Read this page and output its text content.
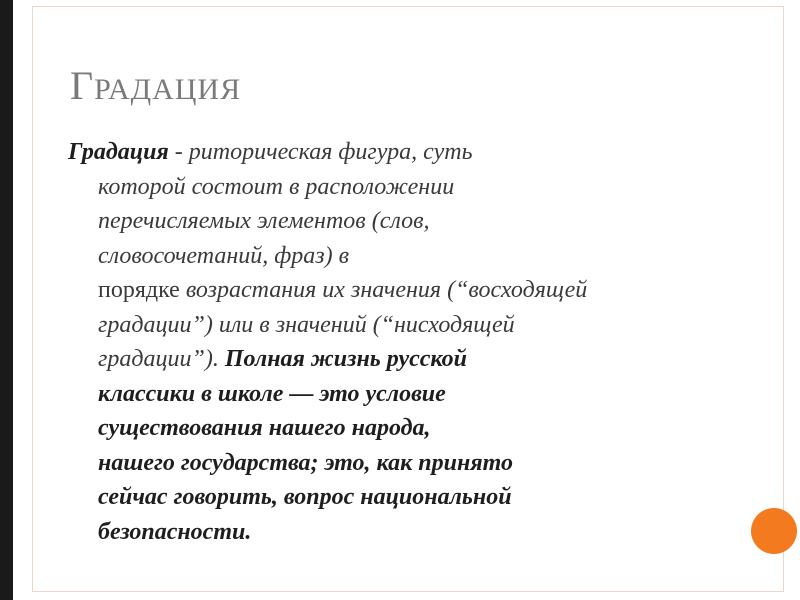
ГРАДАЦИЯ
Градация - риторическая фигура, суть
которой состоит в расположении
перечисляемых элементов (слов,
словосочетаний, фраз) в
порядке возрастания их значения (“восходящей
градации”) или в значений (“нисходящей
градации”). Полная жизнь русской
классики в школе — это условие
существования нашего народа,
нашего государства; это, как принято
сейчас говорить, вопрос национальной
безопасности.
